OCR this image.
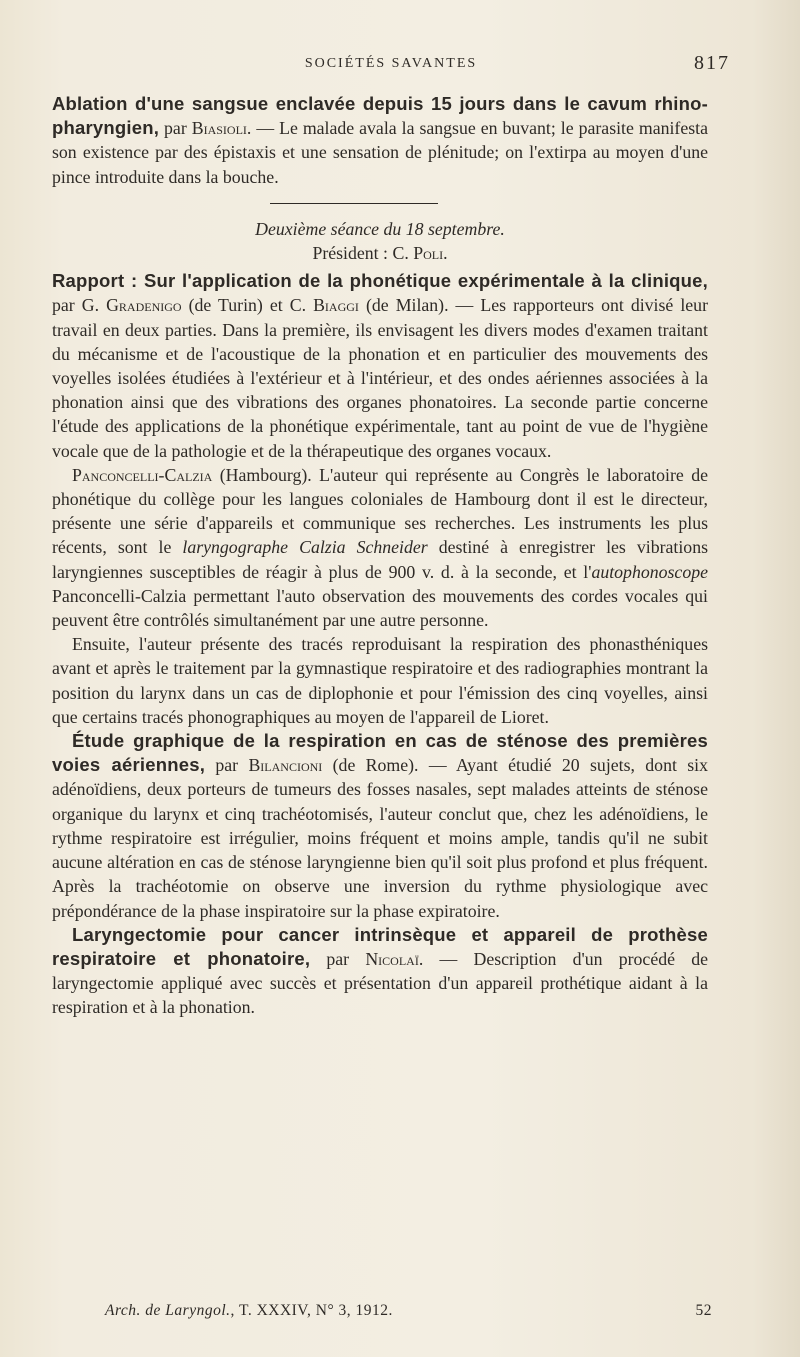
SOCIÉTÉS SAVANTES	817

Ablation d'une sangsue enclavée depuis 15 jours dans le cavum rhino-pharyngien, par Biasioli. — Le malade avala la sangsue en buvant; le parasite manifesta son existence par des épistaxis et une sensation de plénitude; on l'extirpa au moyen d'une pince introduite dans la bouche.

Deuxième séance du 18 septembre.

Président : C. Poli.

Rapport : Sur l'application de la phonétique expérimentale à la clinique, par G. Gradenigo (de Turin) et C. Biaggi (de Milan). — Les rapporteurs ont divisé leur travail en deux parties. Dans la première, ils envisagent les divers modes d'examen traitant du mécanisme et de l'acoustique de la phonation et en particulier des mouvements des voyelles isolées étudiées à l'extérieur et à l'intérieur, et des ondes aériennes associées à la phonation ainsi que des vibrations des organes phonatoires. La seconde partie concerne l'étude des applications de la phonétique expérimentale, tant au point de vue de l'hygiène vocale que de la pathologie et de la thérapeutique des organes vocaux.

Panconcelli-Calzia (Hambourg). L'auteur qui représente au Congrès le laboratoire de phonétique du collège pour les langues coloniales de Hambourg dont il est le directeur, présente une série d'appareils et communique ses recherches. Les instruments les plus récents, sont le laryngographe Calzia Schneider destiné à enregistrer les vibrations laryngiennes susceptibles de réagir à plus de 900 v. d. à la seconde, et l'autophonoscope Panconcelli-Calzia permettant l'auto observation des mouvements des cordes vocales qui peuvent être contrôlés simultanément par une autre personne.

Ensuite, l'auteur présente des tracés reproduisant la respiration des phonasthéniques avant et après le traitement par la gymnastique respiratoire et des radiographies montrant la position du larynx dans un cas de diplophonie et pour l'émission des cinq voyelles, ainsi que certains tracés phonographiques au moyen de l'appareil de Lioret.

Étude graphique de la respiration en cas de sténose des premières voies aériennes, par Bilancioni (de Rome). — Ayant étudié 20 sujets, dont six adénoïdiens, deux porteurs de tumeurs des fosses nasales, sept malades atteints de sténose organique du larynx et cinq trachéotomisés, l'auteur conclut que, chez les adénoïdiens, le rythme respiratoire est irrégulier, moins fréquent et moins ample, tandis qu'il ne subit aucune altération en cas de sténose laryngienne bien qu'il soit plus profond et plus fréquent. Après la trachéotomie on observe une inversion du rythme physiologique avec prépondérance de la phase inspiratoire sur la phase expiratoire.

Laryngectomie pour cancer intrinsèque et appareil de prothèse respiratoire et phonatoire, par Nicolaï. — Description d'un procédé de laryngectomie appliqué avec succès et présentation d'un appareil prothétique aidant à la respiration et à la phonation.

Arch. de Laryngol., T. XXXIV, N° 3, 1912.	52
